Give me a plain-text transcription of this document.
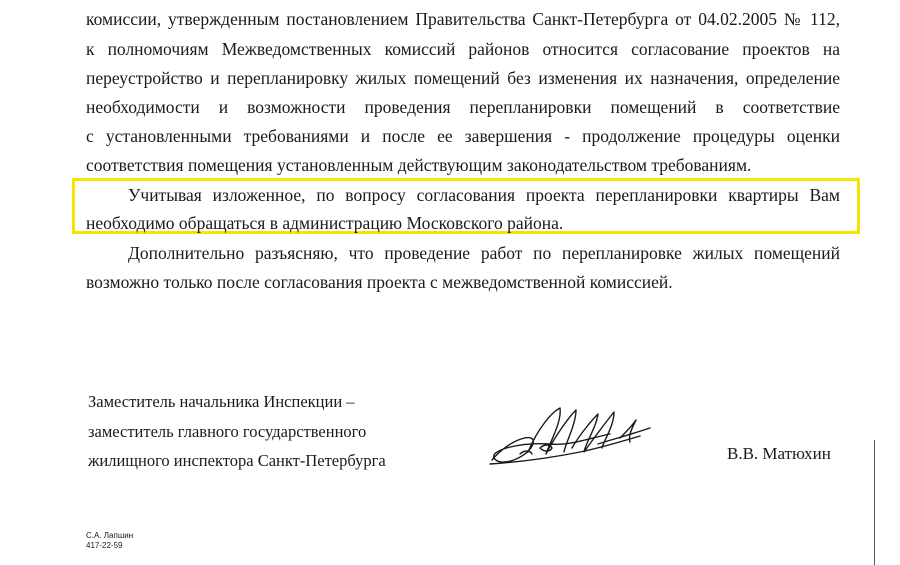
комиссии, утвержденным постановлением Правительства Санкт-Петербурга от 04.02.2005 № 112,
к полномочиям Межведомственных комиссий районов относится согласование проектов на
переустройство и перепланировку жилых помещений без изменения их назначения, определение
необходимости и возможности проведения перепланировки помещений в соответствие
с установленными требованиями и после ее завершения - продолжение процедуры оценки
соответствия помещения установленным действующим законодательством требованиям.
Учитывая изложенное, по вопросу согласования проекта перепланировки квартиры Вам
необходимо обращаться в администрацию Московского района.
Дополнительно разъясняю, что проведение работ по перепланировке жилых помещений
возможно только после согласования проекта с межведомственной комиссией.
Заместитель начальника Инспекции –
заместитель главного государственного
жилищного инспектора Санкт-Петербурга	В.В. Матюхин
С.А. Лапшин
417-22-59
